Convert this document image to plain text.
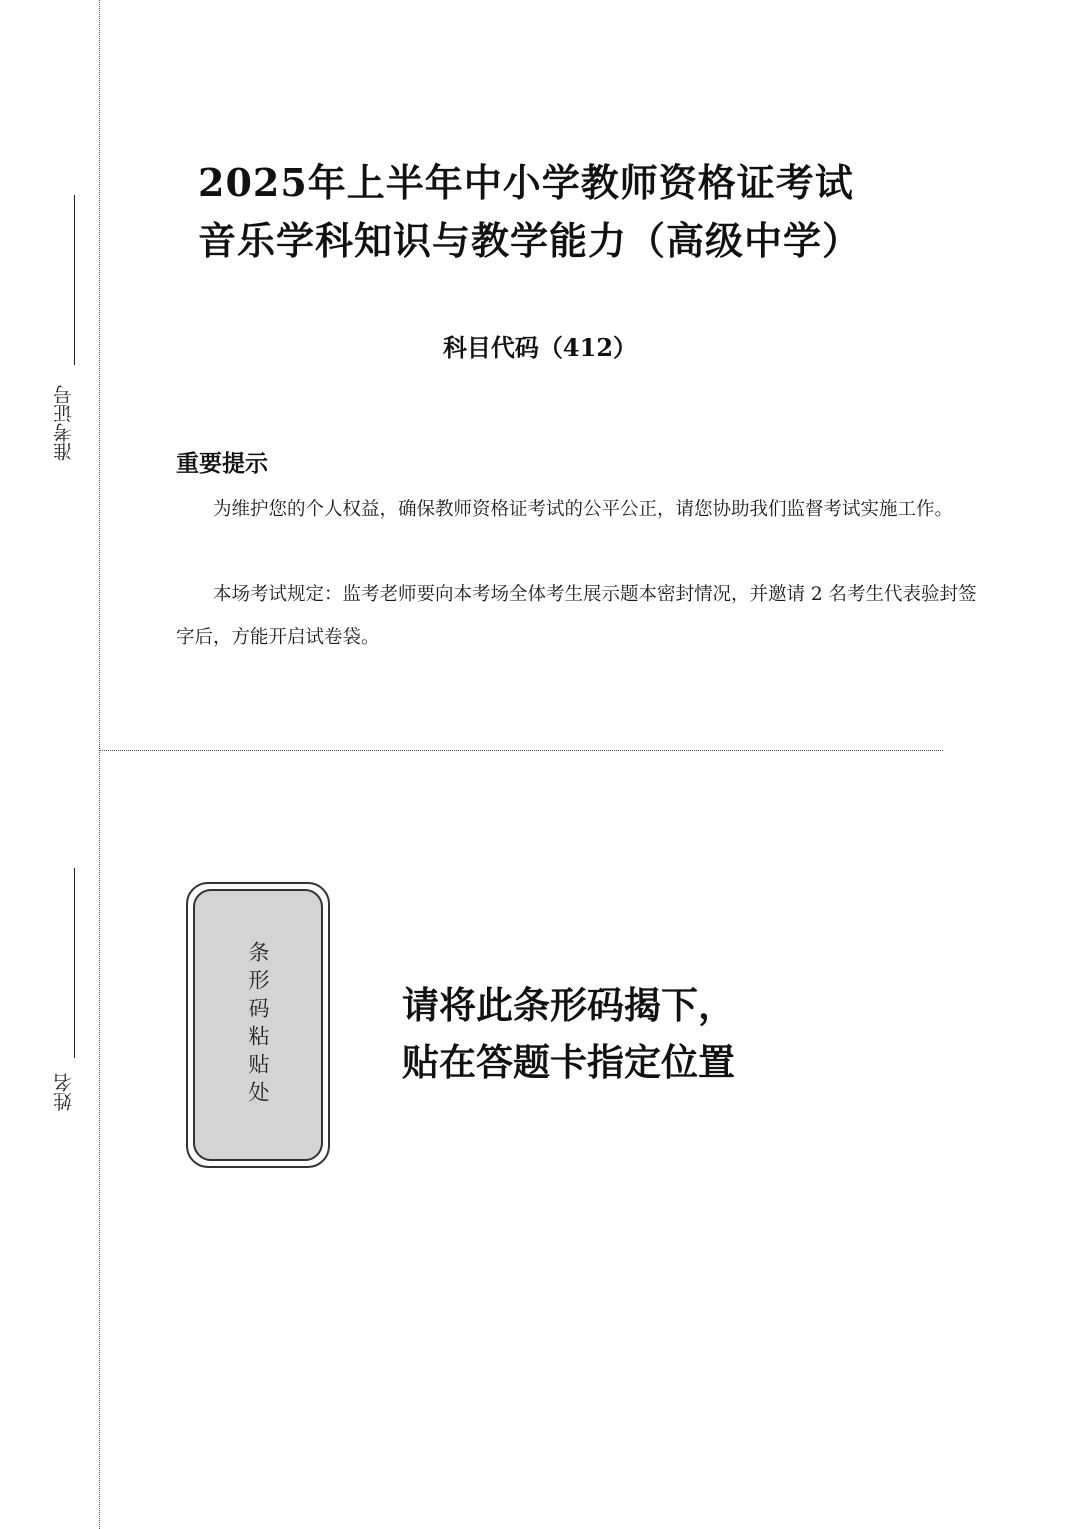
准考证号
姓名
2025年上半年中小学教师资格证考试
音乐学科知识与教学能力（高级中学）
科目代码（412）
重要提示
为维护您的个人权益，确保教师资格证考试的公平公正，请您协助我们监督考试实施工作。
本场考试规定：监考老师要向本考场全体考生展示题本密封情况，并邀请 2 名考生代表验封签字后，方能开启试卷袋。
条形码粘贴处	请将此条形码揭下，
贴在答题卡指定位置
